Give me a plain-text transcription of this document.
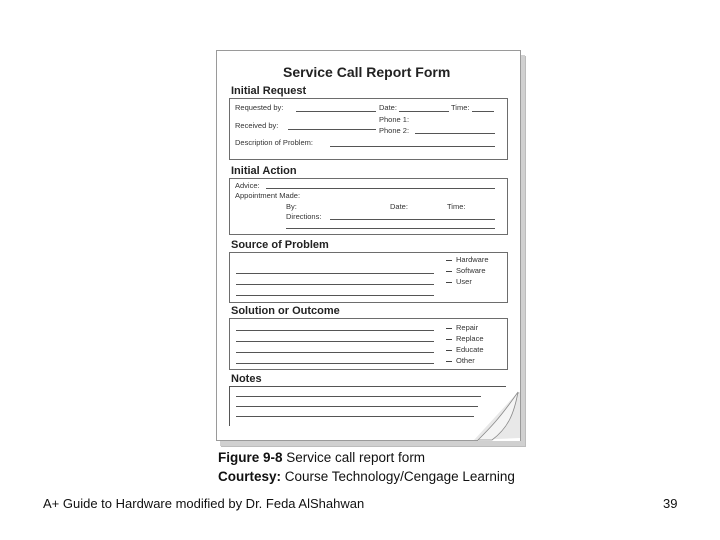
Service Call Report Form
Initial Request
Requested by:	Date:	Time:
Phone 1:
Received by:
Phone 2:
Description of Problem:
Initial Action
Advice:
Appointment Made:
By:	Date:	Time:
Directions:
Source of Problem
Hardware
Software
User
Solution or Outcome
Repair
Replace
Educate
Other
Notes
Figure 9-8 Service call report form
Courtesy: Course Technology/Cengage Learning
A+ Guide to Hardware modified by Dr. Feda AlShahwan	39
